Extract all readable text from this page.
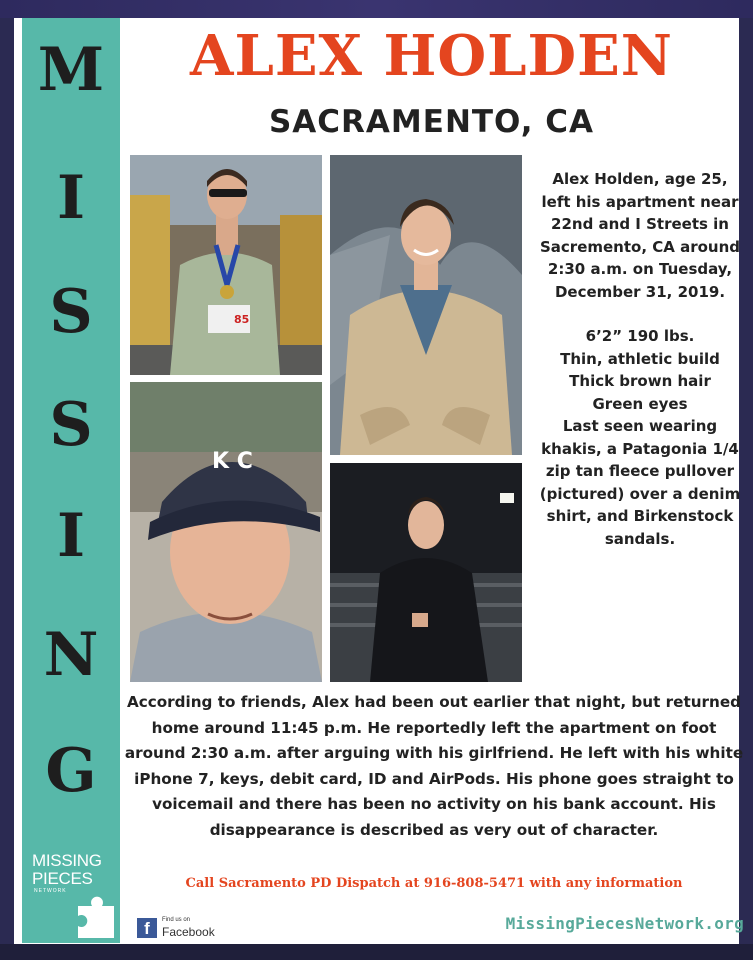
M
I
S
S
I
N
G
MISSING
PIECES
NETWORK
ALEX HOLDEN
SACRAMENTO, CA
85
K C

Alex Holden, age 25, left his apartment near 22nd and I Streets in Sacremento, CA around 2:30 a.m. on Tuesday, December 31, 2019.

6’2” 190 lbs.

Thin, athletic build

Thick brown hair

Green eyes

Last seen wearing khakis, a Patagonia 1/4 zip tan fleece pullover (pictured) over a denim shirt, and Birkenstock sandals.

According to friends, Alex had been out earlier that night, but returned home around 11:45 p.m. He reportedly left the apartment on foot around 2:30 a.m. after arguing with his girlfriend. He left with his white iPhone 7, keys, debit card, ID and AirPods. His phone goes straight to voicemail and there has been no activity on his bank account. His disappearance is described as very out of character.
Call Sacramento PD Dispatch at 916-808-5471 with any information
f	Find us on
Facebook	MissingPiecesNetwork.org
